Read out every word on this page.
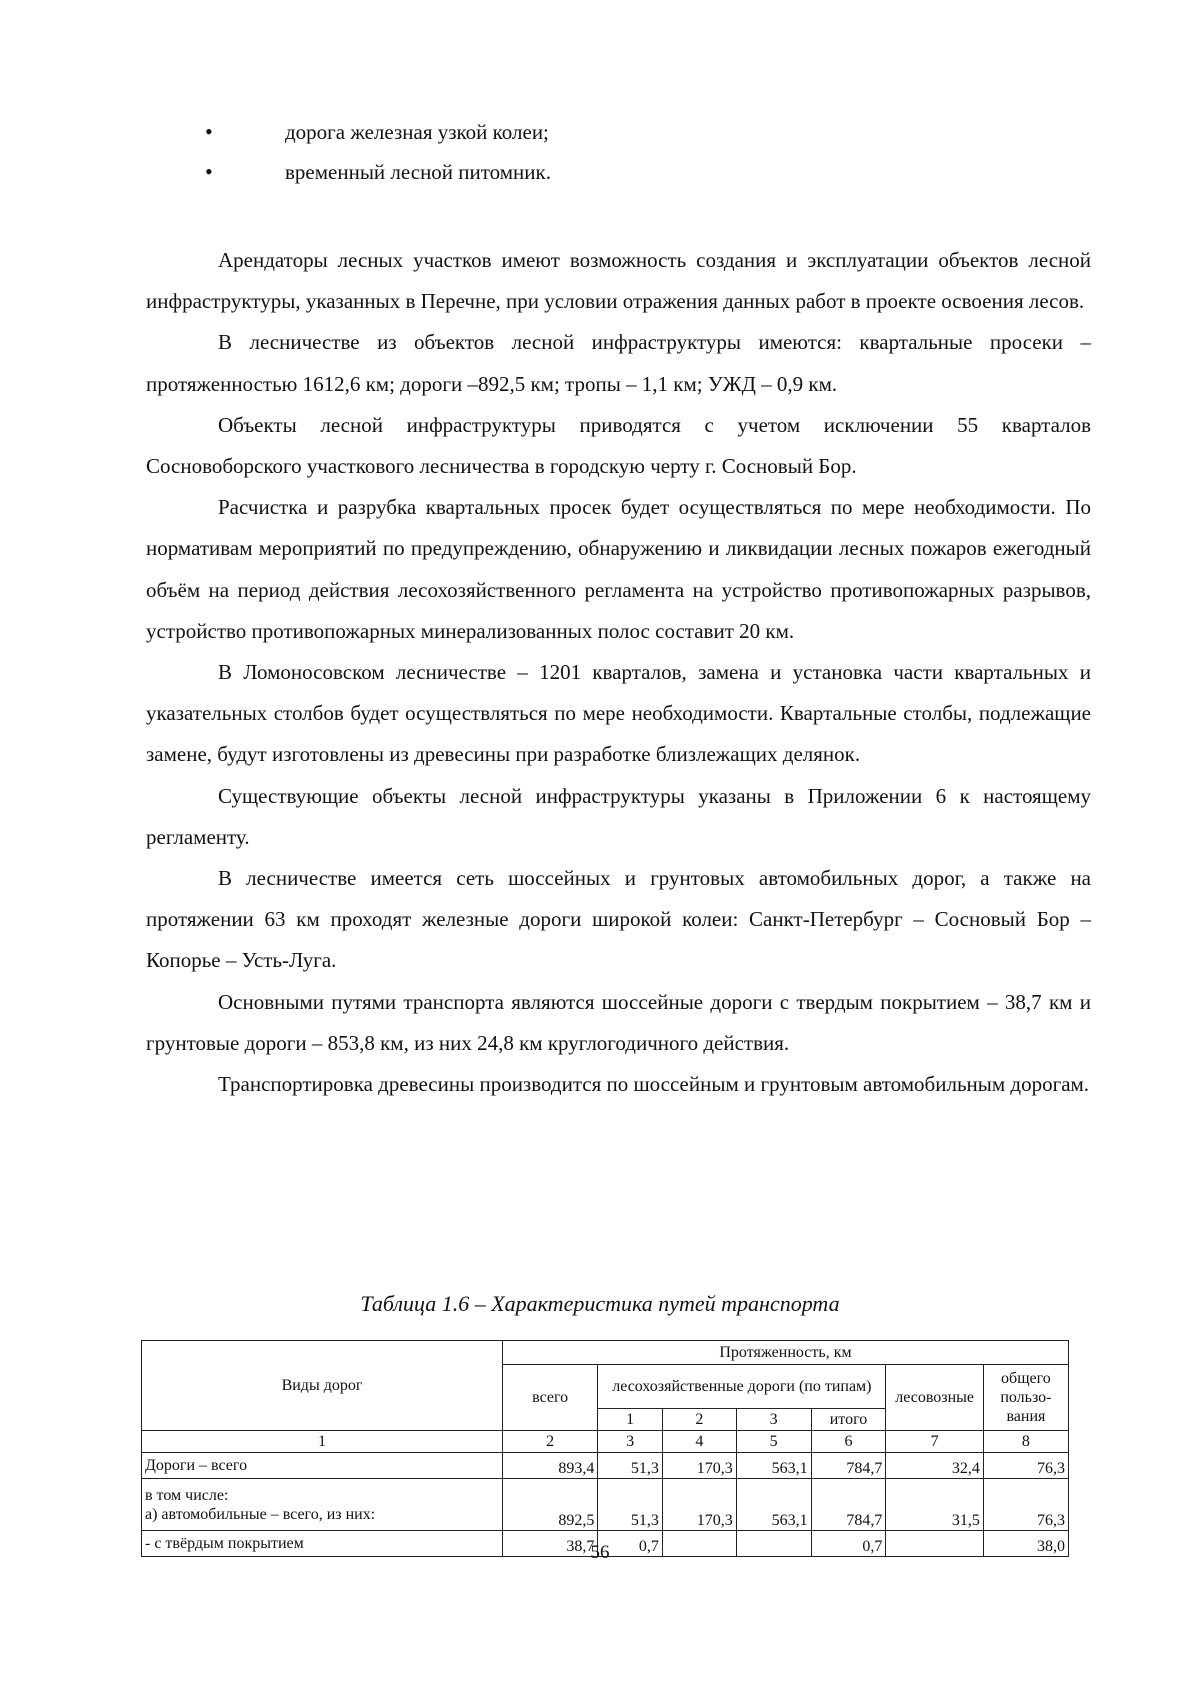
•	дорога железная узкой колеи;
•	временный лесной питомник.

Арендаторы лесных участков имеют возможность создания и эксплуатации объектов лесной инфраструктуры, указанных в Перечне, при условии отражения данных работ в проекте освоения лесов.

В лесничестве из объектов лесной инфраструктуры имеются: квартальные просеки – протяженностью 1612,6 км; дороги –892,5 км; тропы – 1,1 км; УЖД – 0,9 км.

Объекты лесной инфраструктуры приводятся с учетом исключении 55 кварталов Сосновоборского участкового лесничества в городскую черту г. Сосновый Бор.

Расчистка и разрубка квартальных просек будет осуществляться по мере необходимости. По нормативам мероприятий по предупреждению, обнаружению и ликвидации лесных пожаров ежегодный объём на период действия лесохозяйственного регламента на устройство противопожарных разрывов, устройство противопожарных минерализованных полос составит 20 км.

В Ломоносовском лесничестве – 1201 кварталов, замена и установка части квартальных и указательных столбов будет осуществляться по мере необходимости. Квартальные столбы, подлежащие замене, будут изготовлены из древесины при разработке близлежащих делянок.

Существующие объекты лесной инфраструктуры указаны в Приложении 6 к настоящему регламенту.

В лесничестве имеется сеть шоссейных и грунтовых автомобильных дорог, а также на протяжении 63 км проходят железные дороги широкой колеи: Санкт-Петербург – Сосновый Бор – Копорье – Усть-Луга.

Основными путями транспорта являются шоссейные дороги с твердым покрытием – 38,7 км и грунтовые дороги – 853,8 км, из них 24,8 км круглогодичного действия.

Транспортировка древесины производится по шоссейным и грунтовым автомобильным дорогам.

Таблица 1.6 – Характеристика путей транспорта
Виды дорог	Протяженность, км						
	всего	лесохозяйственные дороги (по типам)				лесовозные	общего пользования
		1	2	3	итого		
1	2	3	4	5	6	7	8
Дороги – всего	893,4	51,3	170,3	563,1	784,7	32,4	76,3

в том числе:
а) автомобильные – всего, из них:	892,5	51,3	170,3	563,1	784,7	31,5	76,3
- с твёрдым покрытием	38,7	0,7			0,7		38,0
56
